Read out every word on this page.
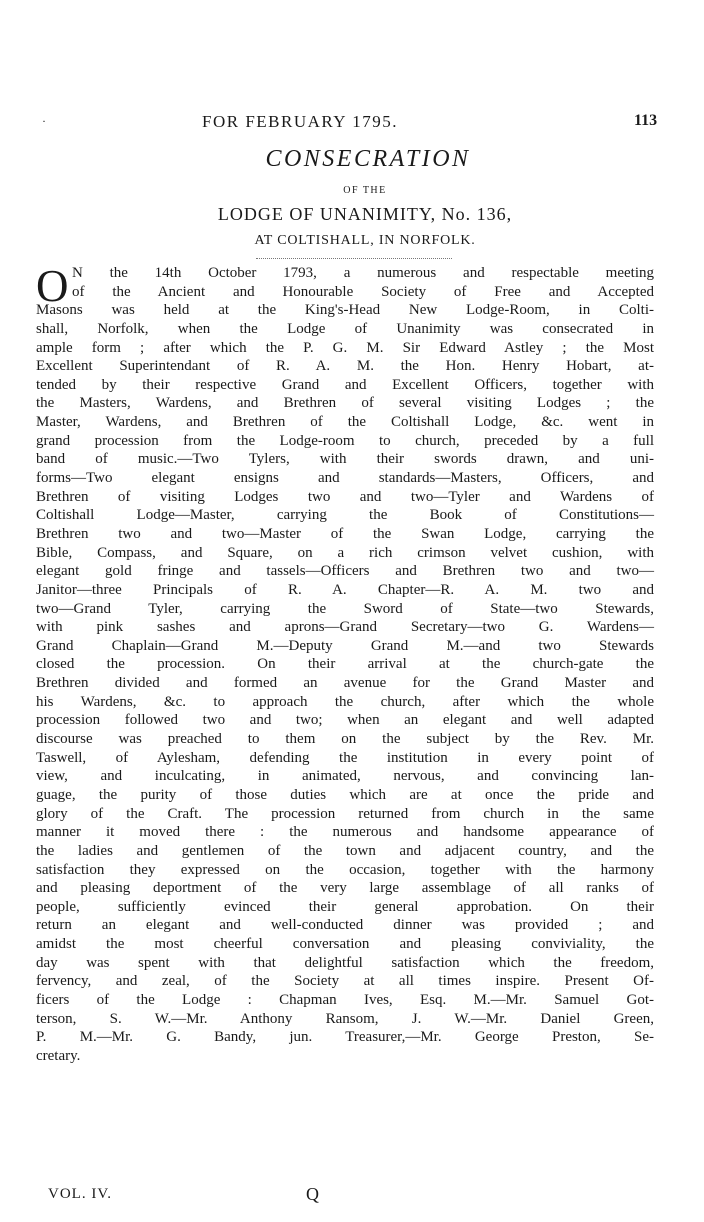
FOR FEBRUARY 1795.	113
·
CONSECRATION
OF THE
LODGE OF UNANIMITY, No. 136,
AT COLTISHALL, IN NORFOLK.
O N the 14th October 1793, a numerous and respectable meeting
of the Ancient and Honourable Society of Free and Accepted
Masons was held at the King's-Head New Lodge-Room, in Colti-
shall, Norfolk, when the Lodge of Unanimity was consecrated in
ample form ; after which the P. G. M. Sir Edward Astley ; the Most
Excellent Superintendant of R. A. M. the Hon. Henry Hobart, at-
tended by their respective Grand and Excellent Officers, together with
the Masters, Wardens, and Brethren of several visiting Lodges ; the
Master, Wardens, and Brethren of the Coltishall Lodge, &c. went in
grand procession from the Lodge-room to church, preceded by a full
band of music.—Two Tylers, with their swords drawn, and uni-
forms—Two elegant ensigns and standards—Masters, Officers, and
Brethren of visiting Lodges two and two—Tyler and Wardens of
Coltishall Lodge—Master, carrying the Book of Constitutions—
Brethren two and two—Master of the Swan Lodge, carrying the
Bible, Compass, and Square, on a rich crimson velvet cushion, with
elegant gold fringe and tassels—Officers and Brethren two and two—
Janitor—three Principals of R. A. Chapter—R. A. M. two and
two—Grand Tyler, carrying the Sword of State—two Stewards,
with pink sashes and aprons—Grand Secretary—two G. Wardens—
Grand Chaplain—Grand M.—Deputy Grand M.—and two Stewards
closed the procession. On their arrival at the church-gate the
Brethren divided and formed an avenue for the Grand Master and
his Wardens, &c. to approach the church, after which the whole
procession followed two and two; when an elegant and well adapted
discourse was preached to them on the subject by the Rev. Mr.
Taswell, of Aylesham, defending the institution in every point of
view, and inculcating, in animated, nervous, and convincing lan-
guage, the purity of those duties which are at once the pride and
glory of the Craft. The procession returned from church in the same
manner it moved there : the numerous and handsome appearance of
the ladies and gentlemen of the town and adjacent country, and the
satisfaction they expressed on the occasion, together with the harmony
and pleasing deportment of the very large assemblage of all ranks of
people, sufficiently evinced their general approbation. On their
return an elegant and well-conducted dinner was provided ; and
amidst the most cheerful conversation and pleasing conviviality, the
day was spent with that delightful satisfaction which the freedom,
fervency, and zeal, of the Society at all times inspire. Present Of-
ficers of the Lodge : Chapman Ives, Esq. M.—Mr. Samuel Got-
terson, S. W.—Mr. Anthony Ransom, J. W.—Mr. Daniel Green,
P. M.—Mr. G. Bandy, jun. Treasurer,—Mr. George Preston, Se-
cretary.
VOL. IV.	Q
